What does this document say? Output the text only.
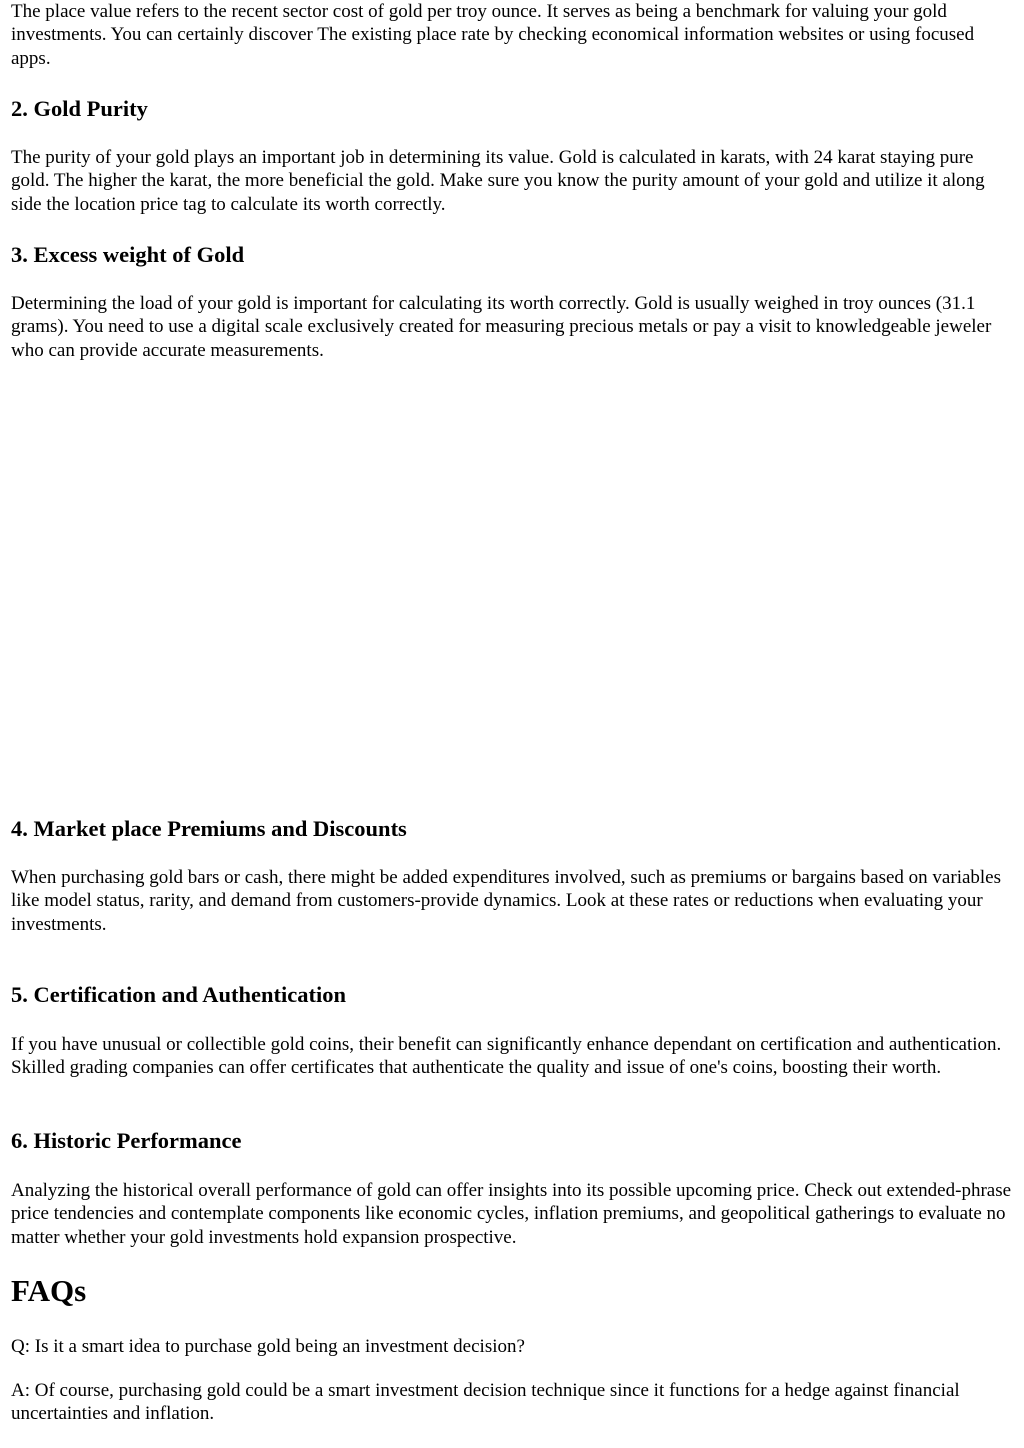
The place value refers to the recent sector cost of gold per troy ounce. It serves as being a benchmark for valuing your gold investments. You can certainly discover The existing place rate by checking economical information websites or using focused apps.

2. Gold Purity

The purity of your gold plays an important job in determining its value. Gold is calculated in karats, with 24 karat staying pure gold. The higher the karat, the more beneficial the gold. Make sure you know the purity amount of your gold and utilize it along side the location price tag to calculate its worth correctly.

3. Excess weight of Gold

Determining the load of your gold is important for calculating its worth correctly. Gold is usually weighed in troy ounces (31.1 grams). You need to use a digital scale exclusively created for measuring precious metals or pay a visit to knowledgeable jeweler who can provide accurate measurements.

4. Market place Premiums and Discounts

When purchasing gold bars or cash, there might be added expenditures involved, such as premiums or bargains based on variables like model status, rarity, and demand from customers-provide dynamics. Look at these rates or reductions when evaluating your investments.

5. Certification and Authentication

If you have unusual or collectible gold coins, their benefit can significantly enhance dependant on certification and authentication. Skilled grading companies can offer certificates that authenticate the quality and issue of one's coins, boosting their worth.

6. Historic Performance

Analyzing the historical overall performance of gold can offer insights into its possible upcoming price. Check out extended-phrase price tendencies and contemplate components like economic cycles, inflation premiums, and geopolitical gatherings to evaluate no matter whether your gold investments hold expansion prospective.

FAQs

Q: Is it a smart idea to purchase gold being an investment decision?

A: Of course, purchasing gold could be a smart investment decision technique since it functions for a hedge against financial uncertainties and inflation.
